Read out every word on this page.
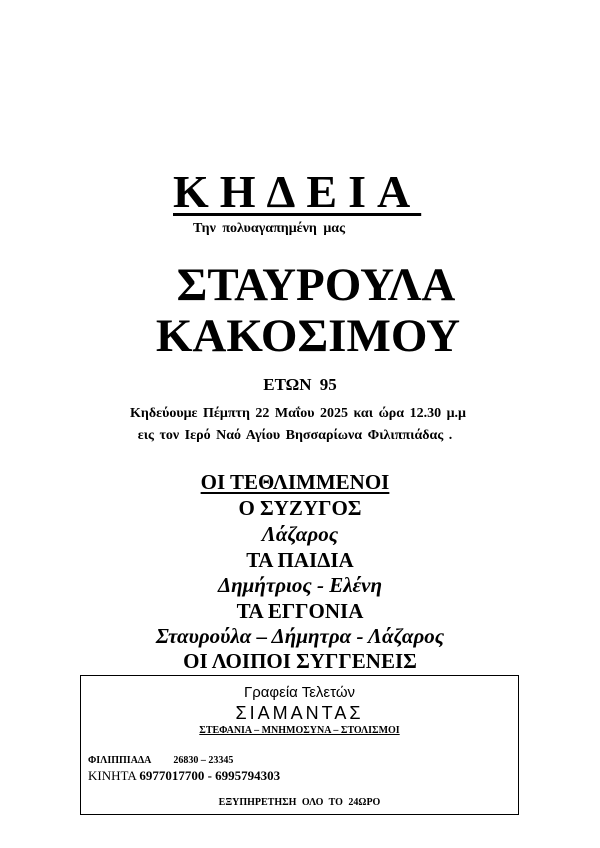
ΚΗΔΕΙΑ
Την πολυαγαπημένη μας
ΣΤΑΥΡΟΥΛΑ
ΚΑΚΟΣΙΜΟΥ
ΕΤΩΝ 95
Κηδεύουμε Πέμπτη 22 Μαΐου 2025 και ώρα 12.30 μ.μ
εις τον Ιερό Ναό Αγίου Βησσαρίωνα Φιλιππιάδας .
ΟΙ ΤΕΘΛΙΜΜΕΝΟΙ
Ο ΣΥΖΥΓΟΣ
Λάζαρος
ΤΑ ΠΑΙΔΙΑ
Δημήτριος - Ελένη
ΤΑ ΕΓΓΟΝΙΑ
Σταυρούλα – Δήμητρα - Λάζαρος
ΟΙ ΛΟΙΠΟΙ ΣΥΓΓΕΝΕΙΣ
Γραφεία Τελετών
ΣΙΑΜΑΝΤΑΣ
ΣΤΕΦΑΝΙΑ – ΜΝΗΜΟΣΥΝΑ – ΣΤΟΛΙΣΜΟΙ
ΦΙΛΙΠΠΙΑΔΑ 26830 – 23345
ΚΙΝΗΤΑ 6977017700 - 6995794303
ΕΞΥΠΗΡΕΤΗΣΗ ΟΛΟ ΤΟ 24ΩΡΟ
